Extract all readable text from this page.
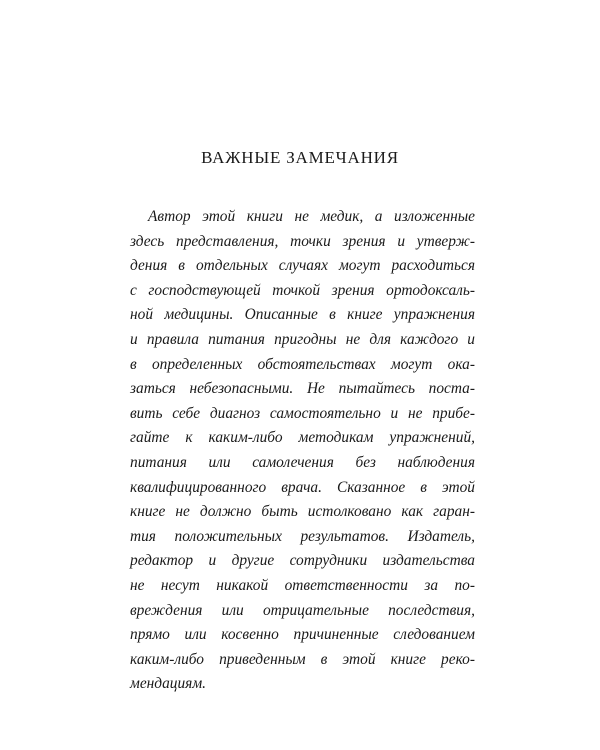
ВАЖНЫЕ ЗАМЕЧАНИЯ
Автор этой книги не медик, а изложенные
здесь представления, точки зрения и утверж-
дения в отдельных случаях могут расходиться
с господствующей точкой зрения ортодоксаль-
ной медицины. Описанные в книге упражнения
и правила питания пригодны не для каждого и
в определенных обстоятельствах могут ока-
заться небезопасными. Не пытайтесь поста-
вить себе диагноз самостоятельно и не прибе-
гайте к каким-либо методикам упражнений,
питания или самолечения без наблюдения
квалифицированного врача. Сказанное в этой
книге не должно быть истолковано как гаран-
тия положительных результатов. Издатель,
редактор и другие сотрудники издательства
не несут никакой ответственности за по-
вреждения или отрицательные последствия,
прямо или косвенно причиненные следованием
каким-либо приведенным в этой книге реко-
мендациям.
